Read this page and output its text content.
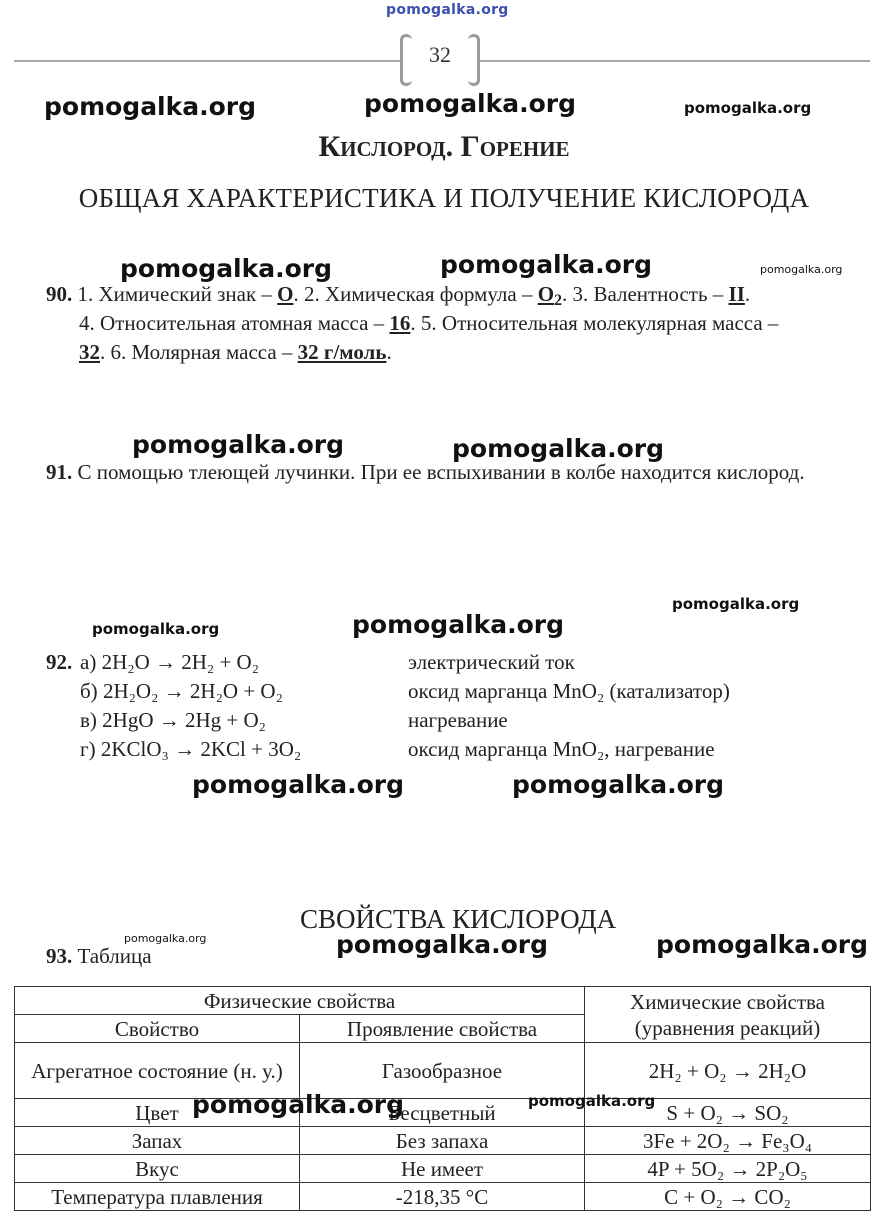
pomogalka.org
32
pomogalka.org	pomogalka.org	pomogalka.org
Кислород. Горение
ОБЩАЯ ХАРАКТЕРИСТИКА И ПОЛУЧЕНИЕ КИСЛОРОДА
pomogalka.org	pomogalka.org	pomogalka.org
90. 1. Химический знак – O. 2. Химическая формула – $O_2$. 3. Валентность – II.
4. Относительная атомная масса – 16. 5. Относительная молекулярная масса –
32. 6. Молярная масса – 32 г/моль.
pomogalka.org	pomogalka.org
91. С помощью тлеющей лучинки. При ее вспыхивании в колбе находится кислород.
pomogalka.org
pomogalka.org	pomogalka.org
92. а) 2H₂O → 2H₂ + O₂	электрический ток
б) 2H₂O₂ → 2H₂O + O₂	оксид марганца MnO₂ (катализатор)
в) 2HgO → 2Hg + O₂	нагревание
г) 2KClO₃ → 2KCl + 3O₂	оксид марганца MnO₂, нагревание
pomogalka.org	pomogalka.org
СВОЙСТВА КИСЛОРОДА
pomogalka.org	pomogalka.org	pomogalka.org
93. Таблица
Физические свойства		Химические свойства (уравнения реакций)
Свойство	Проявление свойства	
Агрегатное состояние (н. у.)	Газообразное	2H₂ + O₂ → 2H₂O
Цвет	Бесцветный	S + O₂ → SO₂
Запах	Без запаха	3Fe + 2O₂ → Fe₃O₄
Вкус	Не имеет	4P + 5O₂ → 2P₂O₅
Температура плавления	-218,35 °C	C + O₂ → CO₂
pomogalka.org	pomogalka.org
